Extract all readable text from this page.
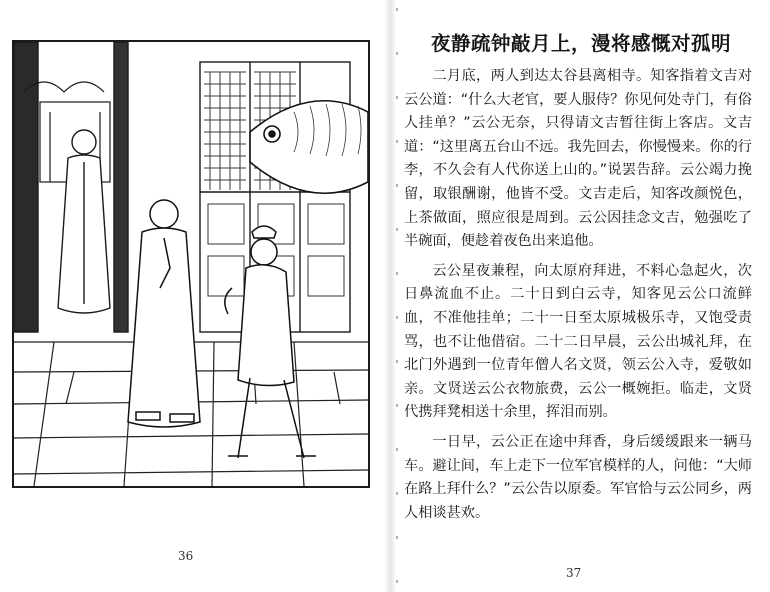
36
夜静疏钟敲月上，漫将感慨对孤明

二月底，两人到达太谷县离相寺。知客指着文吉对云公道：“什么大老官，要人服侍？你见何处寺门，有俗人挂单？”云公无奈，只得请文吉暂往街上客店。文吉道：“这里离五台山不远。我先回去，你慢慢来。你的行李，不久会有人代你送上山的。”说罢告辞。云公竭力挽留，取银酬谢，他皆不受。文吉走后，知客改颜悦色，上茶做面，照应很是周到。云公因挂念文吉，勉强吃了半碗面，便趁着夜色出来追他。

云公星夜兼程，向太原府拜进，不料心急起火，次日鼻流血不止。二十日到白云寺，知客见云公口流鲜血，不准他挂单；二十一日至太原城极乐寺，又饱受责骂，也不让他借宿。二十二日早晨，云公出城礼拜，在北门外遇到一位青年僧人名文贤，领云公入寺，爱敬如亲。文贤送云公衣物旅费，云公一概婉拒。临走，文贤代携拜凳相送十余里，挥泪而别。

一日早，云公正在途中拜香，身后缓缓跟来一辆马车。避让间，车上走下一位军官模样的人，问他：“大师在路上拜什么？”云公告以原委。军官恰与云公同乡，两人相谈甚欢。

37
